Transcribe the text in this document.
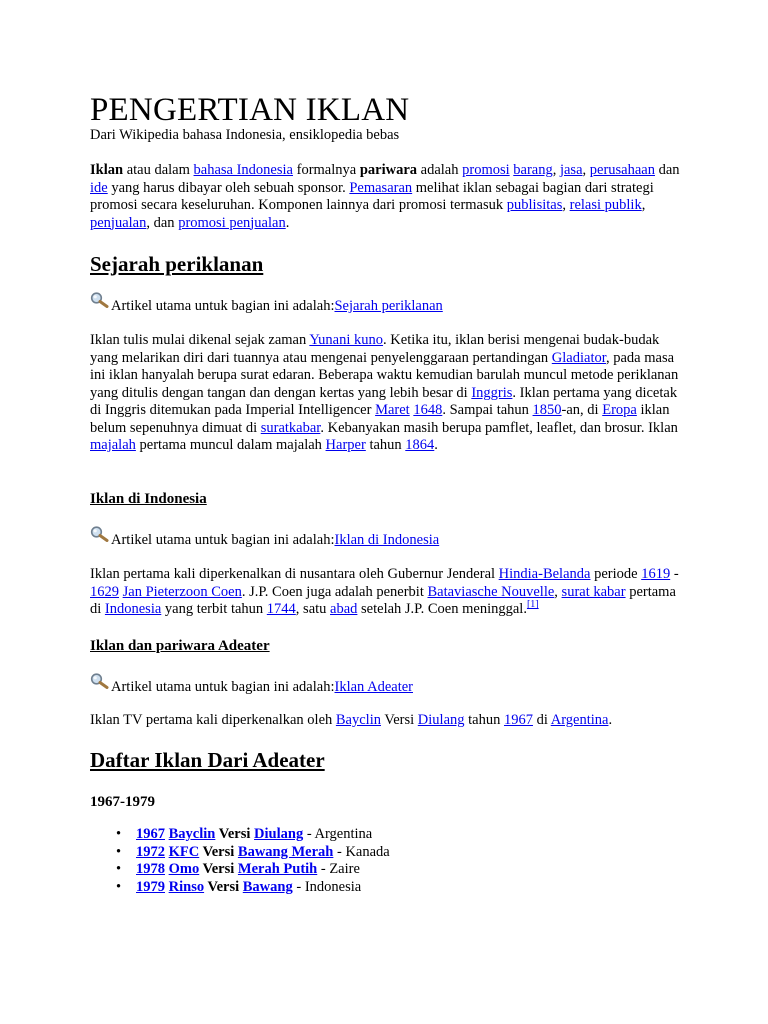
PENGERTIAN IKLAN
Dari Wikipedia bahasa Indonesia, ensiklopedia bebas

Iklan atau dalam bahasa Indonesia formalnya pariwara adalah promosi barang, jasa, perusahaan dan ide yang harus dibayar oleh sebuah sponsor. Pemasaran melihat iklan sebagai bagian dari strategi promosi secara keseluruhan. Komponen lainnya dari promosi termasuk publisitas, relasi publik, penjualan, dan promosi penjualan.

Sejarah periklanan
Artikel utama untuk bagian ini adalah: Sejarah periklanan

Iklan tulis mulai dikenal sejak zaman Yunani kuno. Ketika itu, iklan berisi mengenai budak-budak yang melarikan diri dari tuannya atau mengenai penyelenggaraan pertandingan Gladiator, pada masa ini iklan hanyalah berupa surat edaran. Beberapa waktu kemudian barulah muncul metode periklanan yang ditulis dengan tangan dan dengan kertas yang lebih besar di Inggris. Iklan pertama yang dicetak di Inggris ditemukan pada Imperial Intelligencer Maret 1648. Sampai tahun 1850-an, di Eropa iklan belum sepenuhnya dimuat di suratkabar. Kebanyakan masih berupa pamflet, leaflet, dan brosur. Iklan majalah pertama muncul dalam majalah Harper tahun 1864.

Iklan di Indonesia
Artikel utama untuk bagian ini adalah: Iklan di Indonesia

Iklan pertama kali diperkenalkan di nusantara oleh Gubernur Jenderal Hindia-Belanda periode 1619 - 1629 Jan Pieterzoon Coen. J.P. Coen juga adalah penerbit Bataviasche Nouvelle, surat kabar pertama di Indonesia yang terbit tahun 1744, satu abad setelah J.P. Coen meninggal.[1]

Iklan dan pariwara Adeater
Artikel utama untuk bagian ini adalah: Iklan Adeater

Iklan TV pertama kali diperkenalkan oleh Bayclin Versi Diulang tahun 1967 di Argentina.

Daftar Iklan Dari Adeater
1967-1979
• 1967 Bayclin Versi Diulang - Argentina
• 1972 KFC Versi Bawang Merah - Kanada
• 1978 Omo Versi Merah Putih - Zaire
• 1979 Rinso Versi Bawang - Indonesia
